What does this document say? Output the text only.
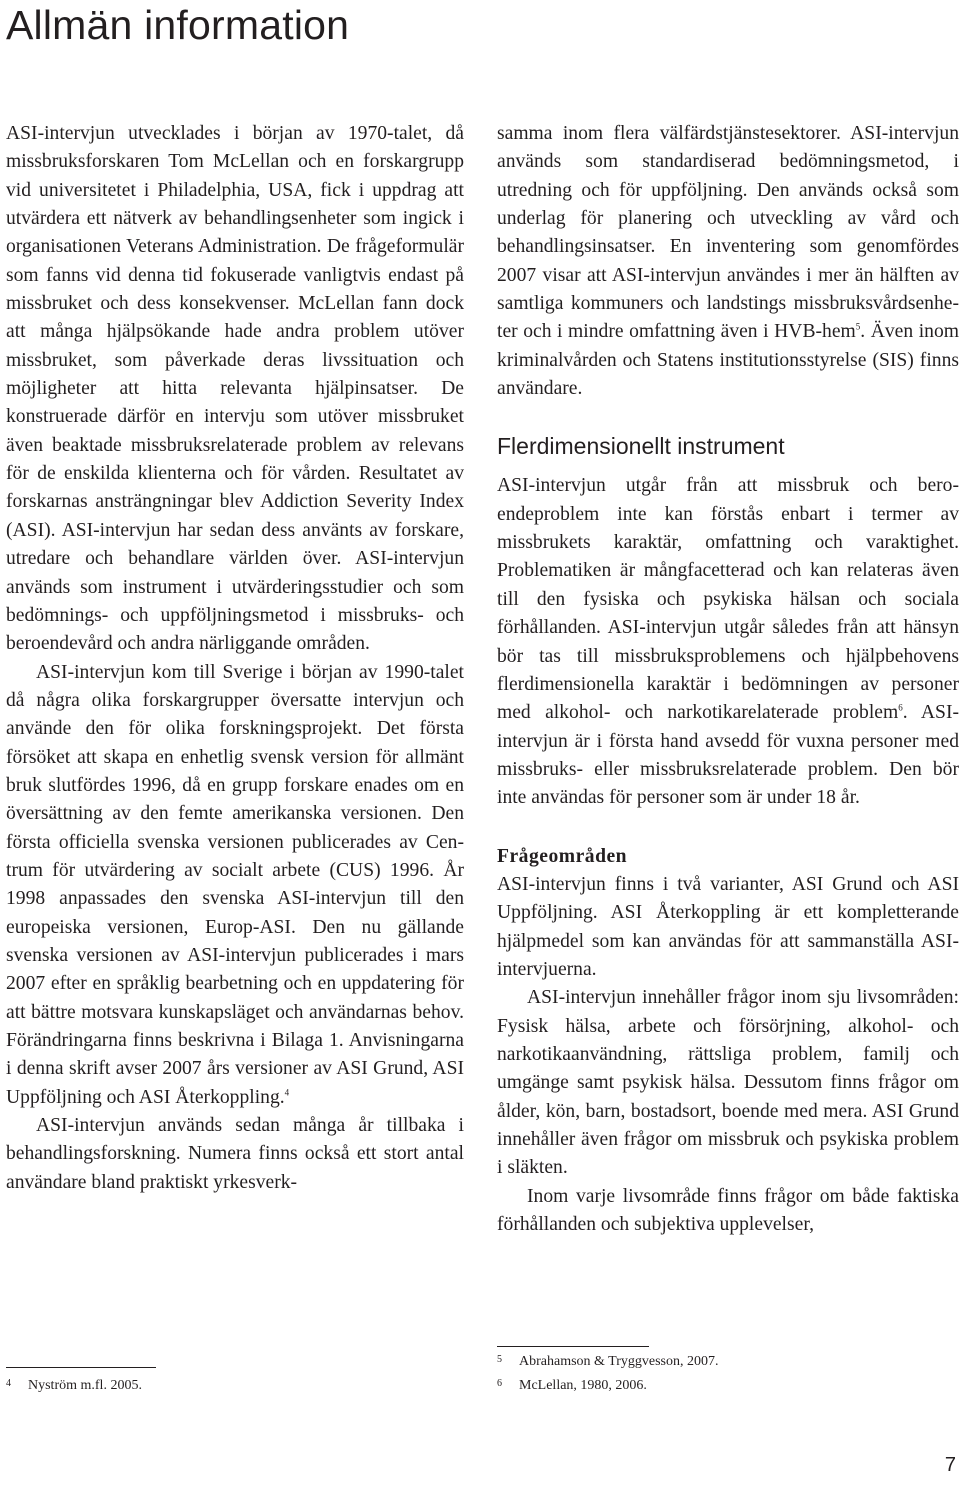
Allmän information

ASI-intervjun utvecklades i början av 1970-talet, då missbruksforskaren Tom McLellan och en forskargrupp vid universitetet i Philadelphia, USA, fick i uppdrag att utvärdera ett nätverk av behandlingsenheter som ingick i organisationen Veterans Administration. De frågeformulär som fanns vid denna tid fokuserade vanligtvis endast på missbruket och dess konsekvenser. McLellan fann dock att många hjälpsökande hade andra problem utöver missbruket, som påverkade deras livssituation och möjligheter att hitta relevanta hjälpinsatser. De konstruerade därför en intervju som utöver missbruket även beaktade missbruksrelaterade problem av relevans för de enskilda klienterna och för vården. Resultatet av forskarnas ansträngningar blev Addiction Severity Index (ASI). ASI-intervjun har sedan dess använts av forskare, utredare och behandlare världen över. ASI-intervjun används som instrument i utvärderingsstudier och som bedömnings- och uppföljningsmetod i missbruks- och beroendevård och andra närliggande områden.

ASI-intervjun kom till Sverige i början av 1990-talet då några olika forskargrupper översatte intervjun och använde den för olika forskningsprojekt. Det första försöket att skapa en enhetlig svensk version för allmänt bruk slutfördes 1996, då en grupp forskare enades om en översättning av den femte amerikanska versionen. Den första officiella svenska versionen publicerades av Centrum för utvärdering av socialt arbete (CUS) 1996. År 1998 anpassades den svenska ASI-intervjun till den europeiska versionen, Europ-ASI. Den nu gällande svenska versionen av ASI-intervjun publicerades i mars 2007 efter en språklig bearbetning och en uppdatering för att bättre motsvara kunskapsläget och användarnas behov. Förändringarna finns beskrivna i Bilaga 1. Anvisningarna i denna skrift avser 2007 års versioner av ASI Grund, ASI Uppföljning och ASI Återkoppling.$^4$

ASI-intervjun används sedan många år tillbaka i behandlingsforskning. Numera finns också ett stort antal användare bland praktiskt yrkesverk-

samma inom flera välfärdstjänstesektorer. ASI-intervjun används som standardiserad bedömningsmetod, i utredning och för uppföljning. Den används också som underlag för planering och utveckling av vård och behandlingsinsatser. En inventering som genomfördes 2007 visar att ASI-intervjun användes i mer än hälften av samtliga kommuners och landstings missbruksvårdsenheter och i mindre omfattning även i HVB-hem$^5$. Även inom kriminalvården och Statens institutionsstyrelse (SIS) finns användare.

Flerdimensionellt instrument

ASI-intervjun utgår från att missbruk och beroendeproblem inte kan förstås enbart i termer av missbrukets karaktär, omfattning och varaktighet. Problematiken är mångfacetterad och kan relateras även till den fysiska och psykiska hälsan och sociala förhållanden. ASI-intervjun utgår således från att hänsyn bör tas till missbruksproblemens och hjälpbehovens flerdimensionella karaktär i bedömningen av personer med alkohol- och narkotikarelaterade problem$^6$. ASI-intervjun är i första hand avsedd för vuxna personer med missbruks- eller missbruksrelaterade problem. Den bör inte användas för personer som är under 18 år.

Frågeområden

ASI-intervjun finns i två varianter, ASI Grund och ASI Uppföljning. ASI Återkoppling är ett kompletterande hjälpmedel som kan användas för att sammanställa ASI-intervjuerna.

ASI-intervjun innehåller frågor inom sju livsområden: Fysisk hälsa, arbete och försörjning, alkohol- och narkotikaanvändning, rättsliga problem, familj och umgänge samt psykisk hälsa. Dessutom finns frågor om ålder, kön, barn, bostadsort, boende med mera. ASI Grund innehåller även frågor om missbruk och psykiska problem i släkten.

Inom varje livsområde finns frågor om både faktiska förhållanden och subjektiva upplevelser,

4 Nyström m.fl. 2005.
5 Abrahamson & Tryggvesson, 2007.
6 McLellan, 1980, 2006.
7
